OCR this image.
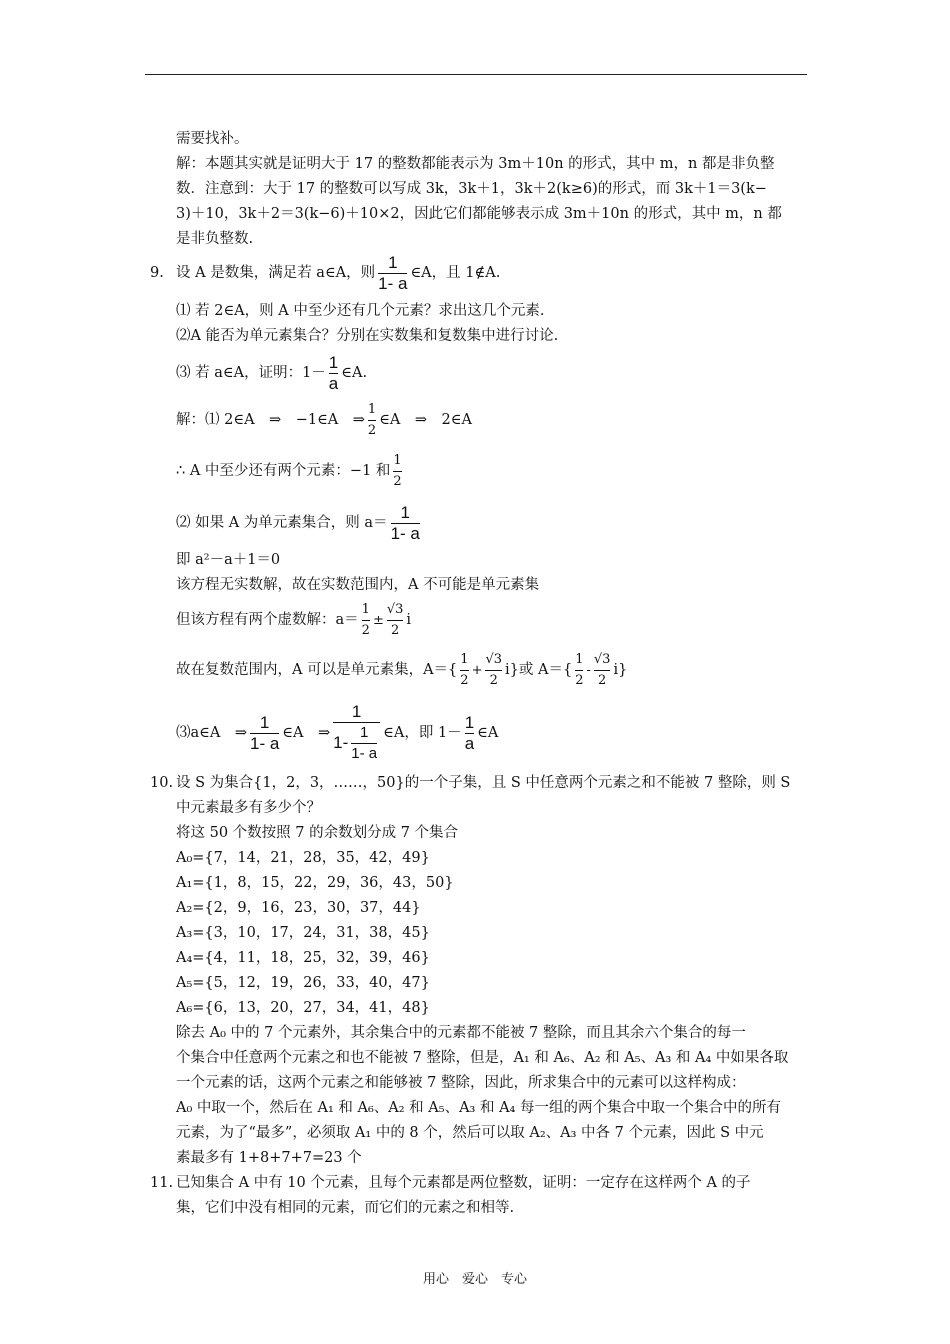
需要找补。
解：本题其实就是证明大于 17 的整数都能表示为 3m＋10n 的形式，其中 m，n 都是非负整
数．注意到：大于 17 的整数可以写成 3k，3k＋1，3k＋2(k≥6)的形式，而 3k＋1＝3(k−
3)＋10，3k＋2＝3(k−6)＋10×2，因此它们都能够表示成 3m＋10n 的形式，其中 m，n 都
是非负整数.
9. 设 A 是数集，满足若 a∈A，则 $\frac{1}{1- a}$ ∈A，且 1∉A.
⑴ 若 2∈A，则 A 中至少还有几个元素？求出这几个元素.
⑵A 能否为单元素集合？分别在实数集和复数集中进行讨论.
⑶ 若 a∈A，证明：$1- \frac{1}{a}$ ∈A.
解：⑴ 2∈A　⇒　−1∈A　⇒ $\frac{1}{2}$ ∈A　⇒　2∈A
∴ A 中至少还有两个元素：−1 和 $\frac{1}{2}$
⑵ 如果 A 为单元素集合，则 $a= \frac{1}{1- a}$
即 a²－a＋1＝0
该方程无实数解，故在实数范围内，A 不可能是单元素集
但该方程有两个虚数解：$a= \frac{1}{2} \pm \frac{√3}{2}$ i
故在复数范围内，A 可以是单元素集，$A=\{ \frac{1}{2} + \frac{√3}{2} i\}$或 $A=\{ \frac{1}{2} - \frac{√3}{2} i\}$
⑶a∈A　⇒ $\frac{1}{1- a}$ ∈A　⇒ $\frac{1}{1- \frac{1}{1- a}}$ ∈A，即 $1- \frac{1}{a}$ ∈A
10. 设 S 为集合{1，2，3，……，50}的一个子集，且 S 中任意两个元素之和不能被 7 整除，则 S
中元素最多有多少个？
将这 50 个数按照 7 的余数划分成 7 个集合
A₀={7，14，21，28，35，42，49}
A₁={1，8，15，22，29，36，43，50}
A₂={2，9，16，23，30，37，44}
A₃={3，10，17，24，31，38，45}
A₄={4，11，18，25，32，39，46}
A₅={5，12，19，26，33，40，47}
A₆={6，13，20，27，34，41，48}
除去 A₀ 中的 7 个元素外，其余集合中的元素都不能被 7 整除，而且其余六个集合的每一
个集合中任意两个元素之和也不能被 7 整除，但是，A₁ 和 A₆、A₂ 和 A₅、A₃ 和 A₄ 中如果各取
一个元素的话，这两个元素之和能够被 7 整除，因此，所求集合中的元素可以这样构成：
A₀ 中取一个，然后在 A₁ 和 A₆、A₂ 和 A₅、A₃ 和 A₄ 每一组的两个集合中取一个集合中的所有
元素，为了“最多”，必须取 A₁ 中的 8 个，然后可以取 A₂、A₃ 中各 7 个元素，因此 S 中元
素最多有 1+8+7+7=23 个
11. 已知集合 A 中有 10 个元素，且每个元素都是两位整数，证明：一定存在这样两个 A 的子
集，它们中没有相同的元素，而它们的元素之和相等.
用心　爱心　专心
